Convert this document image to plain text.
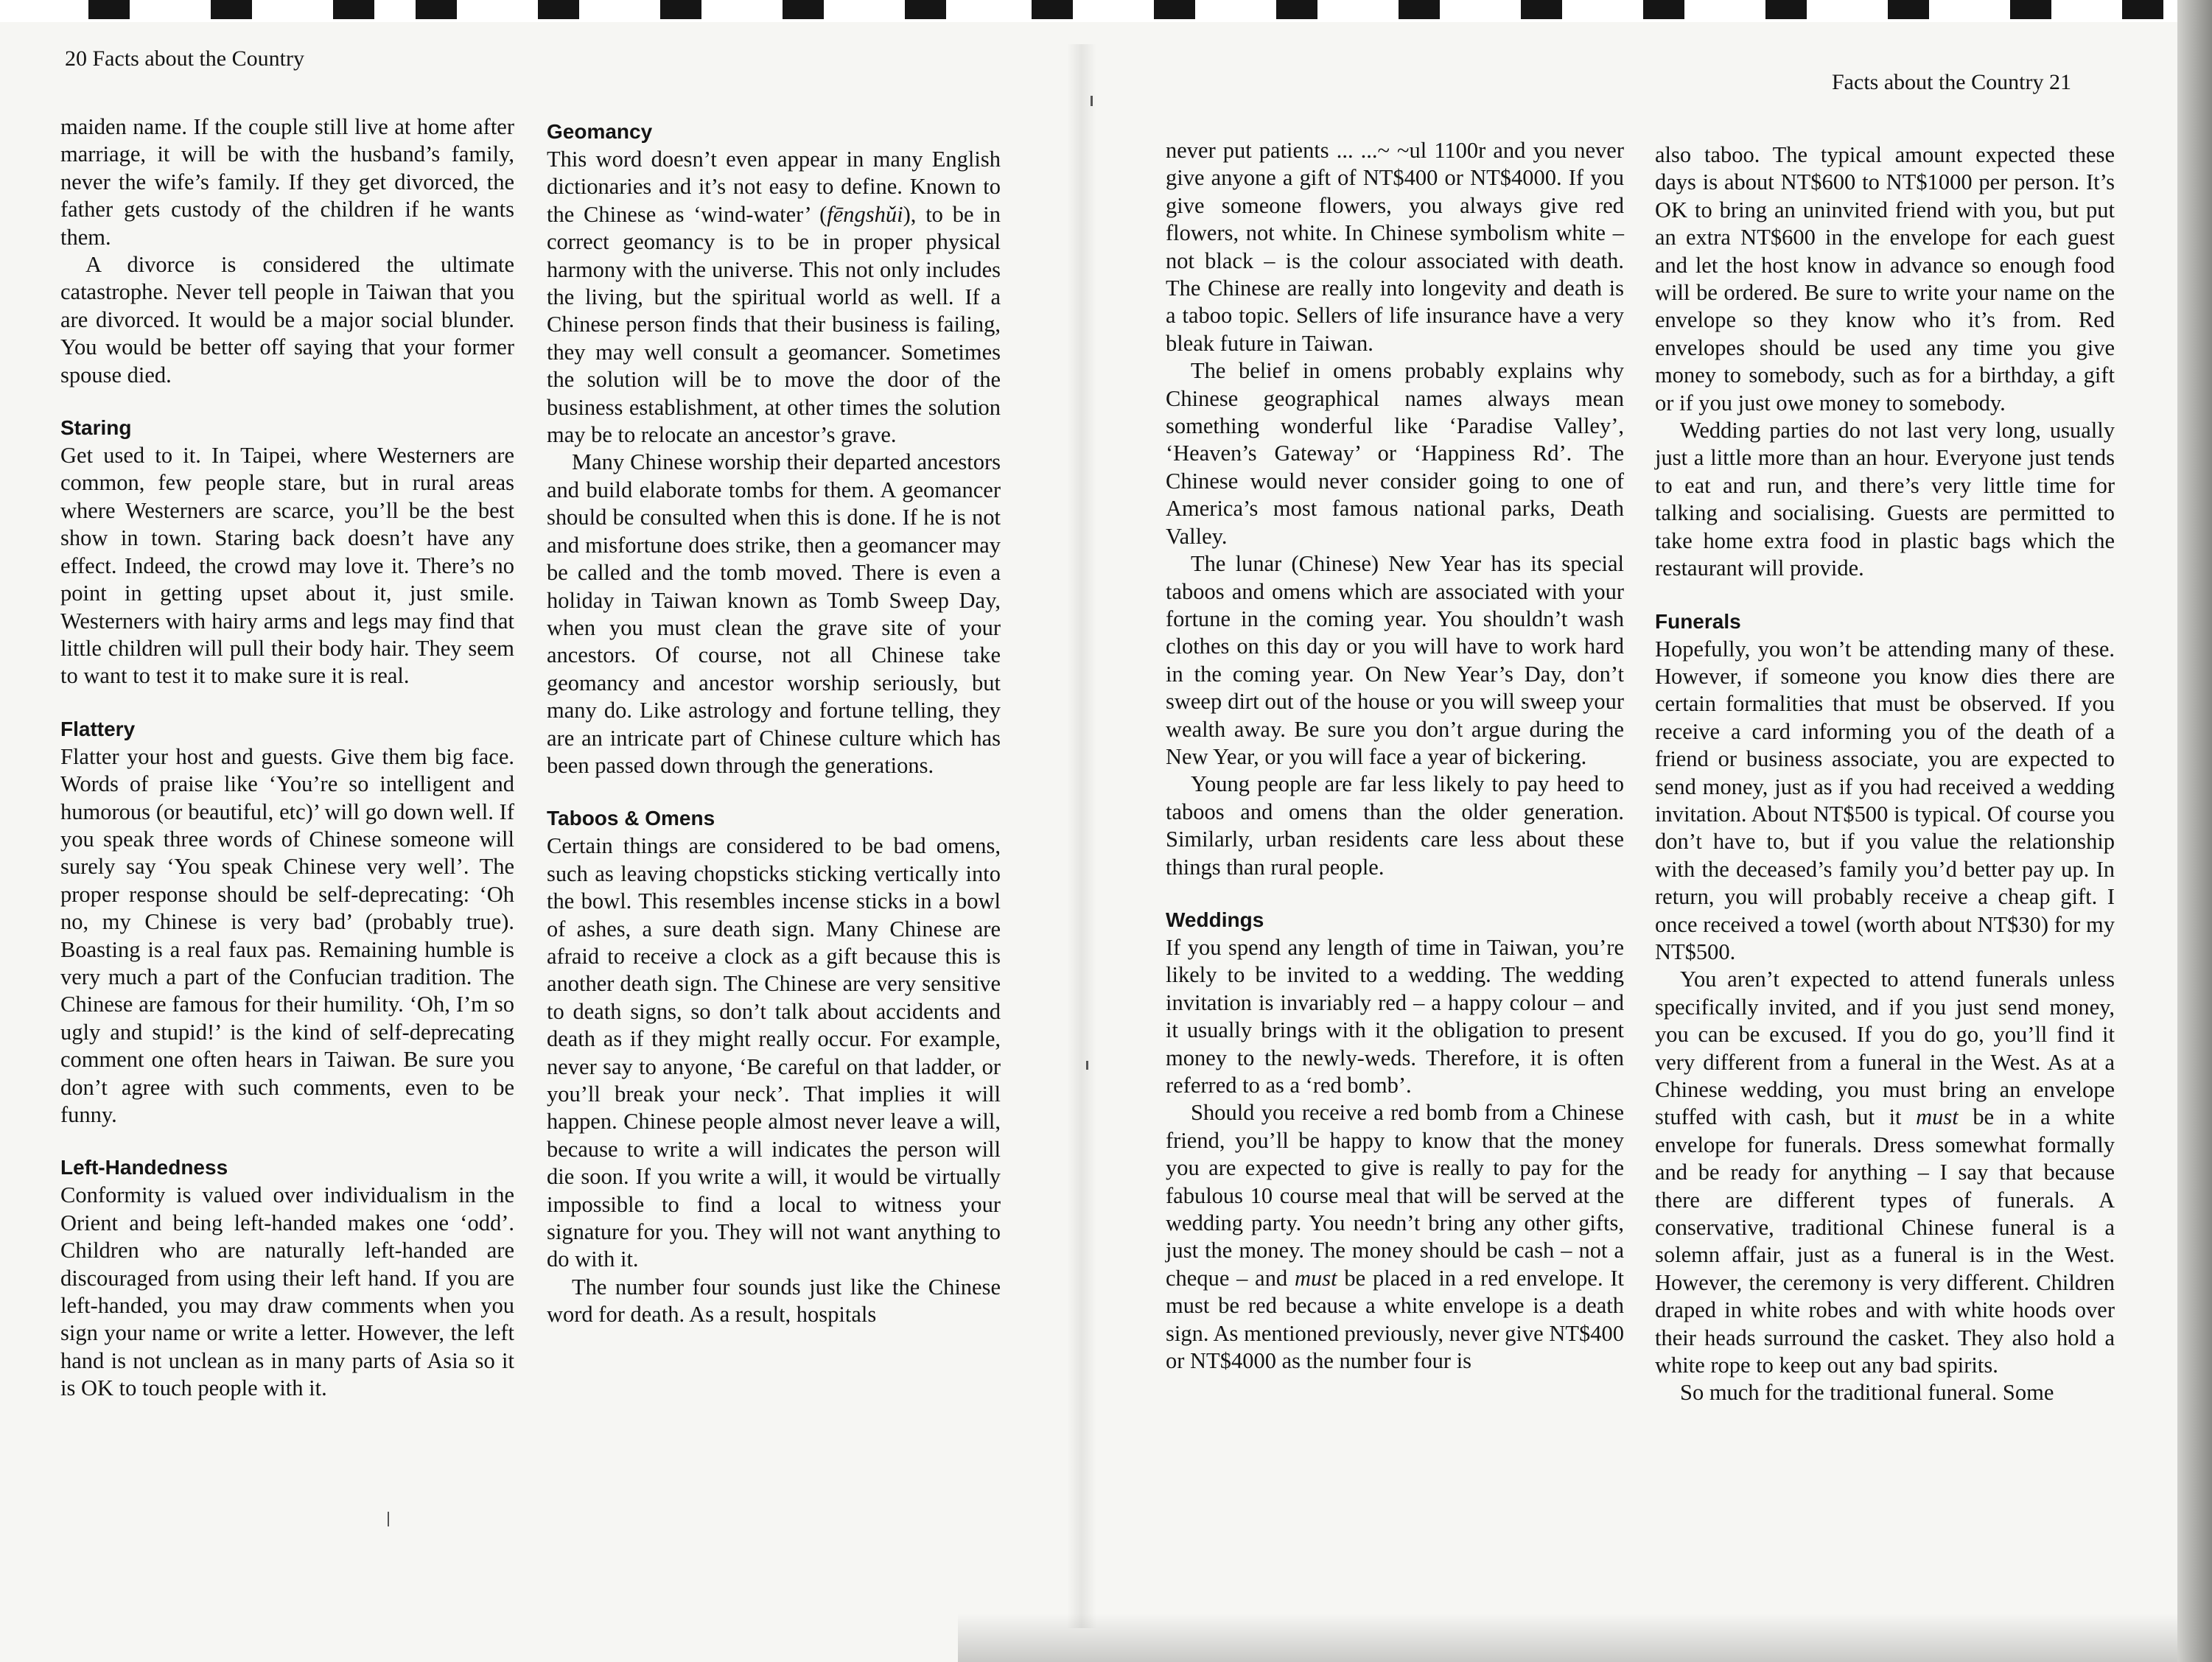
20 Facts about the Country

maiden name. If the couple still live at home after marriage, it will be with the husband’s family, never the wife’s family. If they get divorced, the father gets custody of the children if he wants them.

A divorce is considered the ultimate catastrophe. Never tell people in Taiwan that you are divorced. It would be a major social blunder. You would be better off saying that your former spouse died.

Staring

Get used to it. In Taipei, where Westerners are common, few people stare, but in rural areas where Westerners are scarce, you’ll be the best show in town. Staring back doesn’t have any effect. Indeed, the crowd may love it. There’s no point in getting upset about it, just smile. Westerners with hairy arms and legs may find that little children will pull their body hair. They seem to want to test it to make sure it is real.

Flattery

Flatter your host and guests. Give them big face. Words of praise like ‘You’re so intelligent and humorous (or beautiful, etc)’ will go down well. If you speak three words of Chinese someone will surely say ‘You speak Chinese very well’. The proper response should be self-deprecating: ‘Oh no, my Chinese is very bad’ (probably true). Boasting is a real faux pas. Remaining humble is very much a part of the Confucian tradition. The Chinese are famous for their humility. ‘Oh, I’m so ugly and stupid!’ is the kind of self-deprecating comment one often hears in Taiwan. Be sure you don’t agree with such comments, even to be funny.

Left-Handedness

Conformity is valued over individualism in the Orient and being left-handed makes one ‘odd’. Children who are naturally left-handed are discouraged from using their left hand. If you are left-handed, you may draw comments when you sign your name or write a letter. However, the left hand is not unclean as in many parts of Asia so it is OK to touch people with it.

Geomancy

This word doesn’t even appear in many English dictionaries and it’s not easy to define. Known to the Chinese as ‘wind-water’ (fēngshǔi), to be in correct geomancy is to be in proper physical harmony with the universe. This not only includes the living, but the spiritual world as well. If a Chinese person finds that their business is failing, they may well consult a geomancer. Sometimes the solution will be to move the door of the business establishment, at other times the solution may be to relocate an ancestor’s grave.

Many Chinese worship their departed ancestors and build elaborate tombs for them. A geomancer should be consulted when this is done. If he is not and misfortune does strike, then a geomancer may be called and the tomb moved. There is even a holiday in Taiwan known as Tomb Sweep Day, when you must clean the grave site of your ancestors. Of course, not all Chinese take geomancy and ancestor worship seriously, but many do. Like astrology and fortune telling, they are an intricate part of Chinese culture which has been passed down through the generations.

Taboos & Omens

Certain things are considered to be bad omens, such as leaving chopsticks sticking vertically into the bowl. This resembles incense sticks in a bowl of ashes, a sure death sign. Many Chinese are afraid to receive a clock as a gift because this is another death sign. The Chinese are very sensitive to death signs, so don’t talk about accidents and death as if they might really occur. For example, never say to anyone, ‘Be careful on that ladder, or you’ll break your neck’. That implies it will happen. Chinese people almost never leave a will, because to write a will indicates the person will die soon. If you write a will, it would be virtually impossible to find a local to witness your signature for you. They will not want anything to do with it.

The number four sounds just like the Chinese word for death. As a result, hospitals

Facts about the Country 21

never put patients ... ...~ ~ul 1100r and you never give anyone a gift of NT$400 or NT$4000. If you give someone flowers, you always give red flowers, not white. In Chinese symbolism white – not black – is the colour associated with death. The Chinese are really into longevity and death is a taboo topic. Sellers of life insurance have a very bleak future in Taiwan.

The belief in omens probably explains why Chinese geographical names always mean something wonderful like ‘Paradise Valley’, ‘Heaven’s Gateway’ or ‘Happiness Rd’. The Chinese would never consider going to one of America’s most famous national parks, Death Valley.

The lunar (Chinese) New Year has its special taboos and omens which are associated with your fortune in the coming year. You shouldn’t wash clothes on this day or you will have to work hard in the coming year. On New Year’s Day, don’t sweep dirt out of the house or you will sweep your wealth away. Be sure you don’t argue during the New Year, or you will face a year of bickering.

Young people are far less likely to pay heed to taboos and omens than the older generation. Similarly, urban residents care less about these things than rural people.

Weddings

If you spend any length of time in Taiwan, you’re likely to be invited to a wedding. The wedding invitation is invariably red – a happy colour – and it usually brings with it the obligation to present money to the newly-weds. Therefore, it is often referred to as a ‘red bomb’.

Should you receive a red bomb from a Chinese friend, you’ll be happy to know that the money you are expected to give is really to pay for the fabulous 10 course meal that will be served at the wedding party. You needn’t bring any other gifts, just the money. The money should be cash – not a cheque – and must be placed in a red envelope. It must be red because a white envelope is a death sign. As mentioned previously, never give NT$400 or NT$4000 as the number four is

also taboo. The typical amount expected these days is about NT$600 to NT$1000 per person. It’s OK to bring an uninvited friend with you, but put an extra NT$600 in the envelope for each guest and let the host know in advance so enough food will be ordered. Be sure to write your name on the envelope so they know who it’s from. Red envelopes should be used any time you give money to somebody, such as for a birthday, a gift or if you just owe money to somebody.

Wedding parties do not last very long, usually just a little more than an hour. Everyone just tends to eat and run, and there’s very little time for talking and socialising. Guests are permitted to take home extra food in plastic bags which the restaurant will provide.

Funerals

Hopefully, you won’t be attending many of these. However, if someone you know dies there are certain formalities that must be observed. If you receive a card informing you of the death of a friend or business associate, you are expected to send money, just as if you had received a wedding invitation. About NT$500 is typical. Of course you don’t have to, but if you value the relationship with the deceased’s family you’d better pay up. In return, you will probably receive a cheap gift. I once received a towel (worth about NT$30) for my NT$500.

You aren’t expected to attend funerals unless specifically invited, and if you just send money, you can be excused. If you do go, you’ll find it very different from a funeral in the West. As at a Chinese wedding, you must bring an envelope stuffed with cash, but it must be in a white envelope for funerals. Dress somewhat formally and be ready for anything – I say that because there are different types of funerals. A conservative, traditional Chinese funeral is a solemn affair, just as a funeral is in the West. However, the ceremony is very different. Children draped in white robes and with white hoods over their heads surround the casket. They also hold a white rope to keep out any bad spirits.

So much for the traditional funeral. Some
